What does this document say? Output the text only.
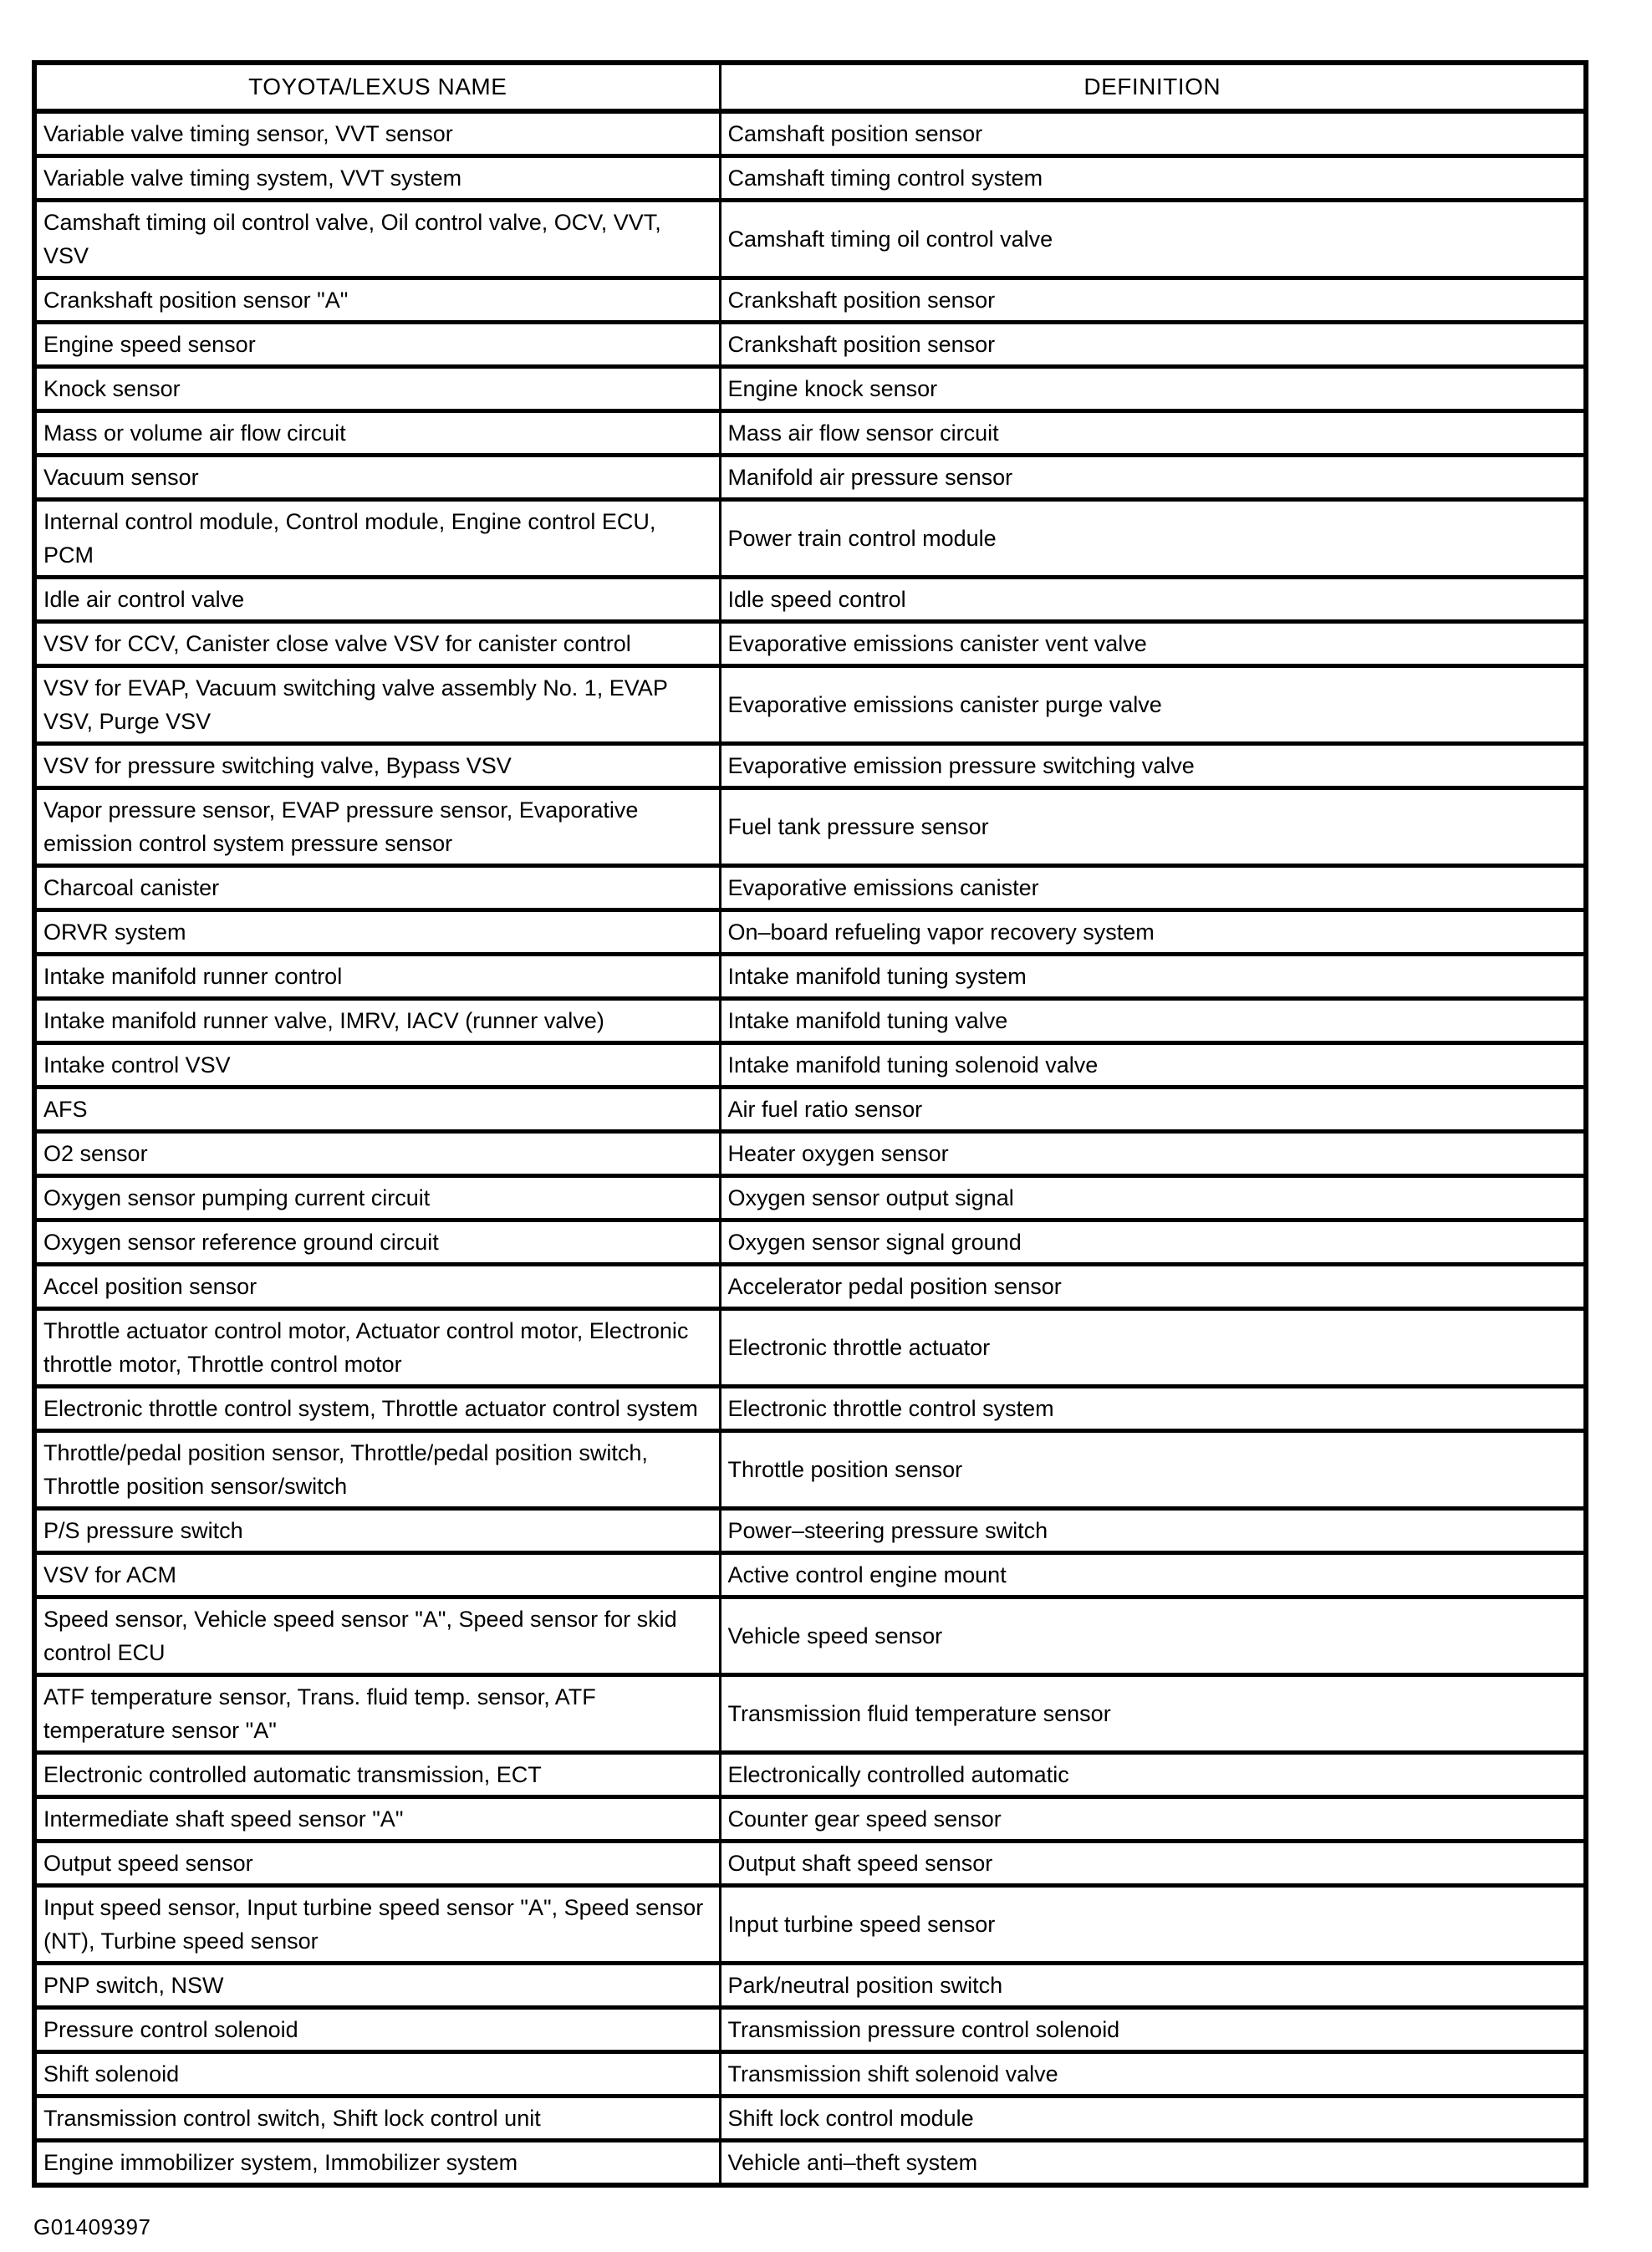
TOYOTA/LEXUS NAME	DEFINITION
Variable valve timing sensor, VVT sensor	Camshaft position sensor
Variable valve timing system, VVT system	Camshaft timing control system
Camshaft timing oil control valve, Oil control valve, OCV, VVT, VSV	Camshaft timing oil control valve
Crankshaft position sensor "A"	Crankshaft position sensor
Engine speed sensor	Crankshaft position sensor
Knock sensor	Engine knock sensor
Mass or volume air flow circuit	Mass air flow sensor circuit
Vacuum sensor	Manifold air pressure sensor
Internal control module, Control module, Engine control ECU, PCM	Power train control module
Idle air control valve	Idle speed control
VSV for CCV, Canister close valve VSV for canister control	Evaporative emissions canister vent valve
VSV for EVAP, Vacuum switching valve assembly No. 1, EVAP VSV, Purge VSV	Evaporative emissions canister purge valve
VSV for pressure switching valve, Bypass VSV	Evaporative emission pressure switching valve
Vapor pressure sensor, EVAP pressure sensor, Evaporative emission control system pressure sensor	Fuel tank pressure sensor
Charcoal canister	Evaporative emissions canister
ORVR system	On–board refueling vapor recovery system
Intake manifold runner control	Intake manifold tuning system
Intake manifold runner valve, IMRV, IACV (runner valve)	Intake manifold tuning valve
Intake control VSV	Intake manifold tuning solenoid valve
AFS	Air fuel ratio sensor
O2 sensor	Heater oxygen sensor
Oxygen sensor pumping current circuit	Oxygen sensor output signal
Oxygen sensor reference ground circuit	Oxygen sensor signal ground
Accel position sensor	Accelerator pedal position sensor
Throttle actuator control motor, Actuator control motor, Electronic throttle motor, Throttle control motor	Electronic throttle actuator
Electronic throttle control system, Throttle actuator control system	Electronic throttle control system
Throttle/pedal position sensor, Throttle/pedal position switch, Throttle position sensor/switch	Throttle position sensor
P/S pressure switch	Power–steering pressure switch
VSV for ACM	Active control engine mount
Speed sensor, Vehicle speed sensor "A", Speed sensor for skid control ECU	Vehicle speed sensor
ATF temperature sensor, Trans. fluid temp. sensor, ATF temperature sensor "A"	Transmission fluid temperature sensor
Electronic controlled automatic transmission, ECT	Electronically controlled automatic
Intermediate shaft speed sensor "A"	Counter gear speed sensor
Output speed sensor	Output shaft speed sensor
Input speed sensor, Input turbine speed sensor "A", Speed sensor (NT), Turbine speed sensor	Input turbine speed sensor
PNP switch, NSW	Park/neutral position switch
Pressure control solenoid	Transmission pressure control solenoid
Shift solenoid	Transmission shift solenoid valve
Transmission control switch, Shift lock control unit	Shift lock control module
Engine immobilizer system, Immobilizer system	Vehicle anti–theft system
G01409397
